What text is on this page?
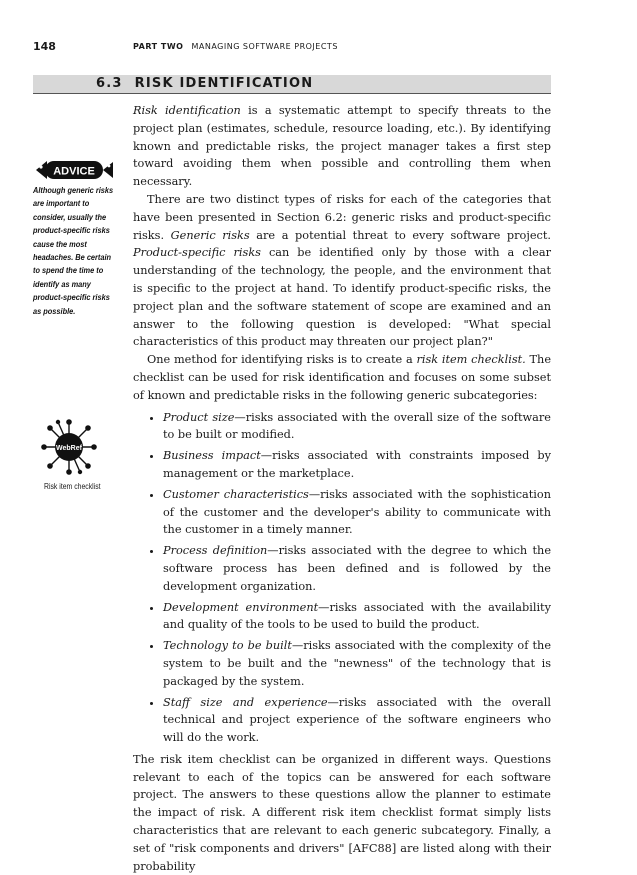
148	PART TWO MANAGING SOFTWARE PROJECTS
6.3 RISK IDENTIFICATION
ADVICE
Although generic risks are important to consider, usually the product-specific risks cause the most headaches. Be certain to spend the time to identify as many product-specific risks as possible.
WebRef
Risk item checklist

Risk identification is a systematic attempt to specify threats to the project plan (estimates, schedule, resource loading, etc.). By identifying known and predictable risks, the project manager takes a first step toward avoiding them when possible and controlling them when necessary.

There are two distinct types of risks for each of the categories that have been presented in Section 6.2: generic risks and product-specific risks. Generic risks are a potential threat to every software project. Product-specific risks can be identified only by those with a clear understanding of the technology, the people, and the environment that is specific to the project at hand. To identify product-specific risks, the project plan and the software statement of scope are examined and an answer to the following question is developed: "What special characteristics of this product may threaten our project plan?"

One method for identifying risks is to create a risk item checklist. The checklist can be used for risk identification and focuses on some subset of known and predictable risks in the following generic subcategories:

• Product size—risks associated with the overall size of the software to be built or modified.
• Business impact—risks associated with constraints imposed by management or the marketplace.
• Customer characteristics—risks associated with the sophistication of the customer and the developer's ability to communicate with the customer in a timely manner.
• Process definition—risks associated with the degree to which the software process has been defined and is followed by the development organization.
• Development environment—risks associated with the availability and quality of the tools to be used to build the product.
• Technology to be built—risks associated with the complexity of the system to be built and the "newness" of the technology that is packaged by the system.
• Staff size and experience—risks associated with the overall technical and project experience of the software engineers who will do the work.

The risk item checklist can be organized in different ways. Questions relevant to each of the topics can be answered for each software project. The answers to these questions allow the planner to estimate the impact of risk. A different risk item checklist format simply lists characteristics that are relevant to each generic subcategory. Finally, a set of "risk components and drivers" [AFC88] are listed along with their probability
